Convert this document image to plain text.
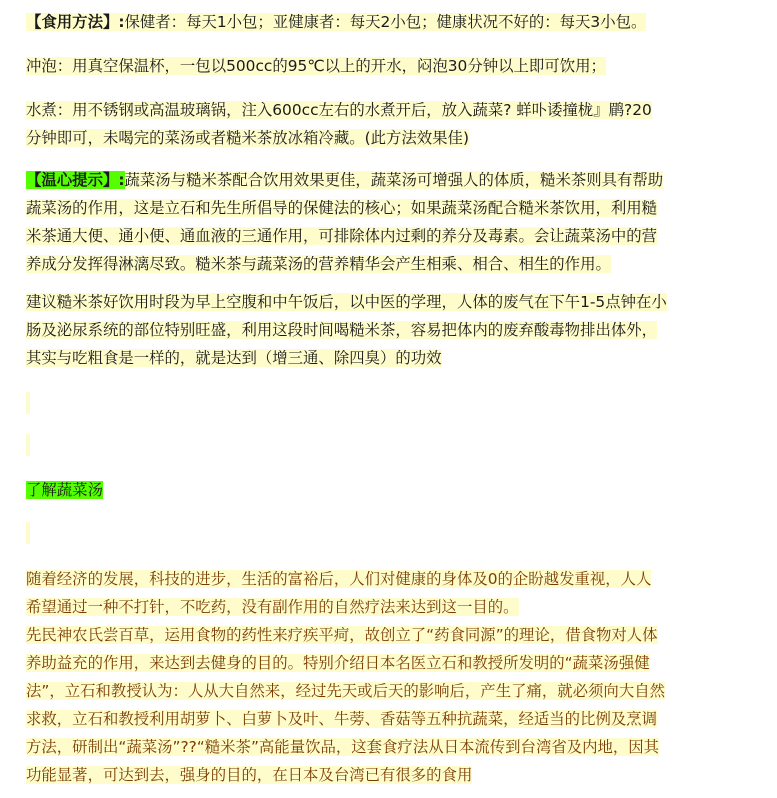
【食用方法】:保健者：每天1小包；亚健康者：每天2小包；健康状况不好的：每天3小包。
冲泡：用真空保温杯，一包以500cc的95℃以上的开水，闷泡30分钟以上即可饮用；
水煮：用不锈钢或高温玻璃锅，注入600cc左右的水煮开后，放入蔬菜? 蛘卟诿撞栊』鹛?20
分钟即可，未喝完的菜汤或者糙米茶放冰箱冷藏。(此方法效果佳)
【温心提示】:蔬菜汤与糙米茶配合饮用效果更佳，蔬菜汤可增强人的体质，糙米茶则具有帮助
蔬菜汤的作用，这是立石和先生所倡导的保健法的核心；如果蔬菜汤配合糙米茶饮用，利用糙
米茶通大便、通小便、通血液的三通作用，可排除体内过剩的养分及毒素。会让蔬菜汤中的营
养成分发挥得淋漓尽致。糙米茶与蔬菜汤的营养精华会产生相乘、相合、相生的作用。
建议糙米茶好饮用时段为早上空腹和中午饭后，以中医的学理，人体的废气在下午1-5点钟在小
肠及泌尿系统的部位特别旺盛，利用这段时间喝糙米茶，容易把体内的废弃酸毒物排出体外，
其实与吃粗食是一样的，就是达到（增三通、除四臭）的功效
了解蔬菜汤
随着经济的发展，科技的进步，生活的富裕后，人们对健康的身体及0的企盼越发重视，人人
希望通过一种不打针，不吃药，没有副作用的自然疗法来达到这一目的。
先民神农氏尝百草，运用食物的药性来疗疾平疴，故创立了“药食同源”的理论，借食物对人体
养助益充的作用，来达到去健身的目的。特别介绍日本名医立石和教授所发明的“蔬菜汤强健
法”，立石和教授认为：人从大自然来，经过先天或后天的影响后，产生了痛，就必须向大自然
求救，立石和教授利用胡萝卜、白萝卜及叶、牛蒡、香菇等五种抗蔬菜，经适当的比例及烹调
方法，研制出“蔬菜汤”??“糙米茶”高能量饮品，这套食疗法从日本流传到台湾省及内地，因其
功能显著，可达到去，强身的目的，在日本及台湾已有很多的食用
